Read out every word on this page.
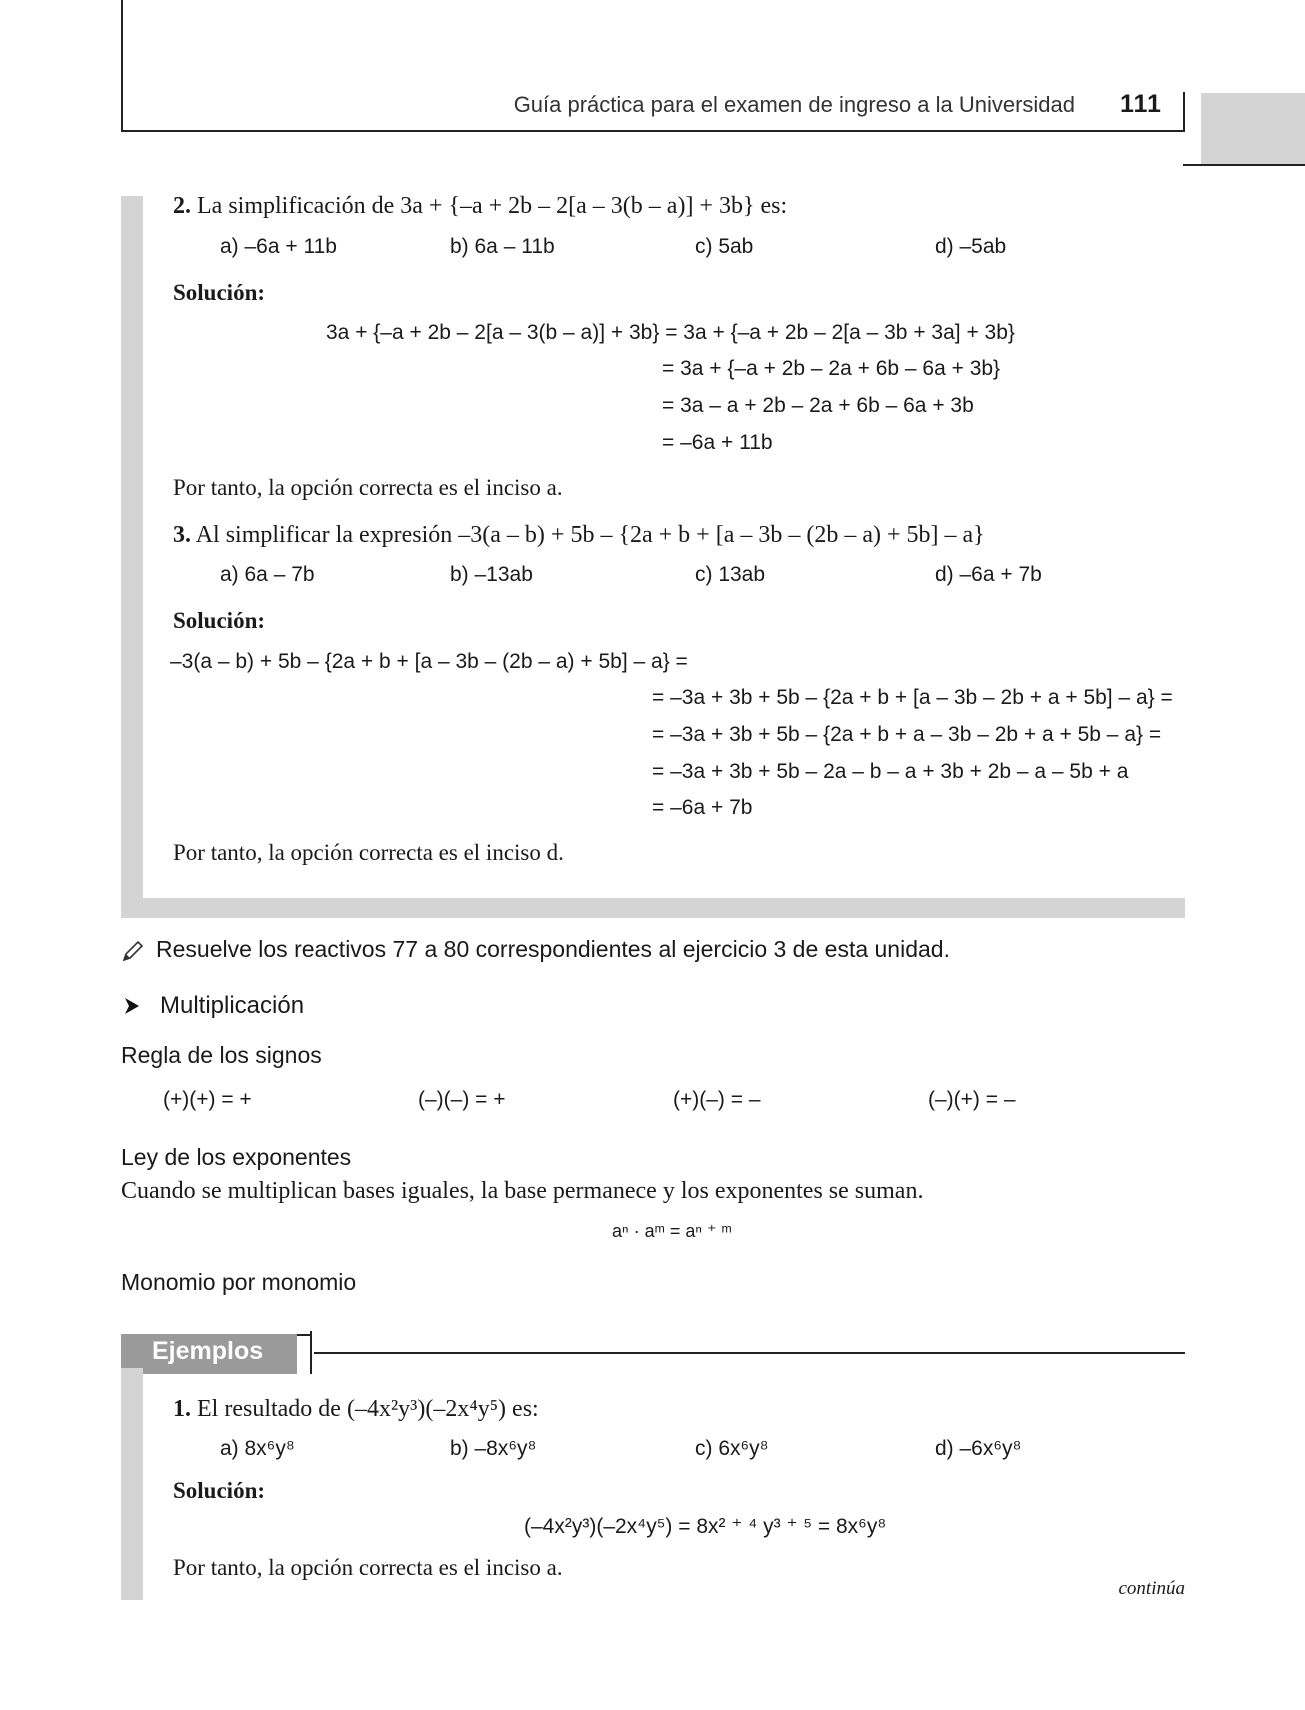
Guía práctica para el examen de ingreso a la Universidad 111
2. La simplificación de 3a + {–a + 2b – 2[a – 3(b – a)] + 3b} es:
a) –6a + 11b	b) 6a – 11b	c) 5ab	d) –5ab
Solución:
3a + {–a + 2b – 2[a – 3(b – a)] + 3b} = 3a + {–a + 2b – 2[a – 3b + 3a] + 3b}
= 3a + {–a + 2b – 2a + 6b – 6a + 3b}
= 3a – a + 2b – 2a + 6b – 6a + 3b
= –6a + 11b
Por tanto, la opción correcta es el inciso a.
3. Al simplificar la expresión –3(a – b) + 5b – {2a + b + [a – 3b – (2b – a) + 5b] – a}
a) 6a – 7b	b) –13ab	c) 13ab	d) –6a + 7b
Solución:
–3(a – b) + 5b – {2a + b + [a – 3b – (2b – a) + 5b] – a} =
= –3a + 3b + 5b – {2a + b + [a – 3b – 2b + a + 5b] – a} =
= –3a + 3b + 5b – {2a + b + a – 3b – 2b + a + 5b – a} =
= –3a + 3b + 5b – 2a – b – a + 3b + 2b – a – 5b + a
= –6a + 7b
Por tanto, la opción correcta es el inciso d.
Resuelve los reactivos 77 a 80 correspondientes al ejercicio 3 de esta unidad.
Multiplicación
Regla de los signos
(+)(+) = +	(–)(–) = +	(+)(–) = –	(–)(+) = –
Ley de los exponentes
Cuando se multiplican bases iguales, la base permanece y los exponentes se suman.
aⁿ · aᵐ = aⁿ ⁺ ᵐ
Monomio por monomio
Ejemplos
1. El resultado de (–4x²y³)(–2x⁴y⁵) es:
a) 8x⁶y⁸	b) –8x⁶y⁸	c) 6x⁶y⁸	d) –6x⁶y⁸
Solución:
(–4x²y³)(–2x⁴y⁵) = 8x² ⁺ ⁴ y³ ⁺ ⁵ = 8x⁶y⁸
Por tanto, la opción correcta es el inciso a.
continúa
